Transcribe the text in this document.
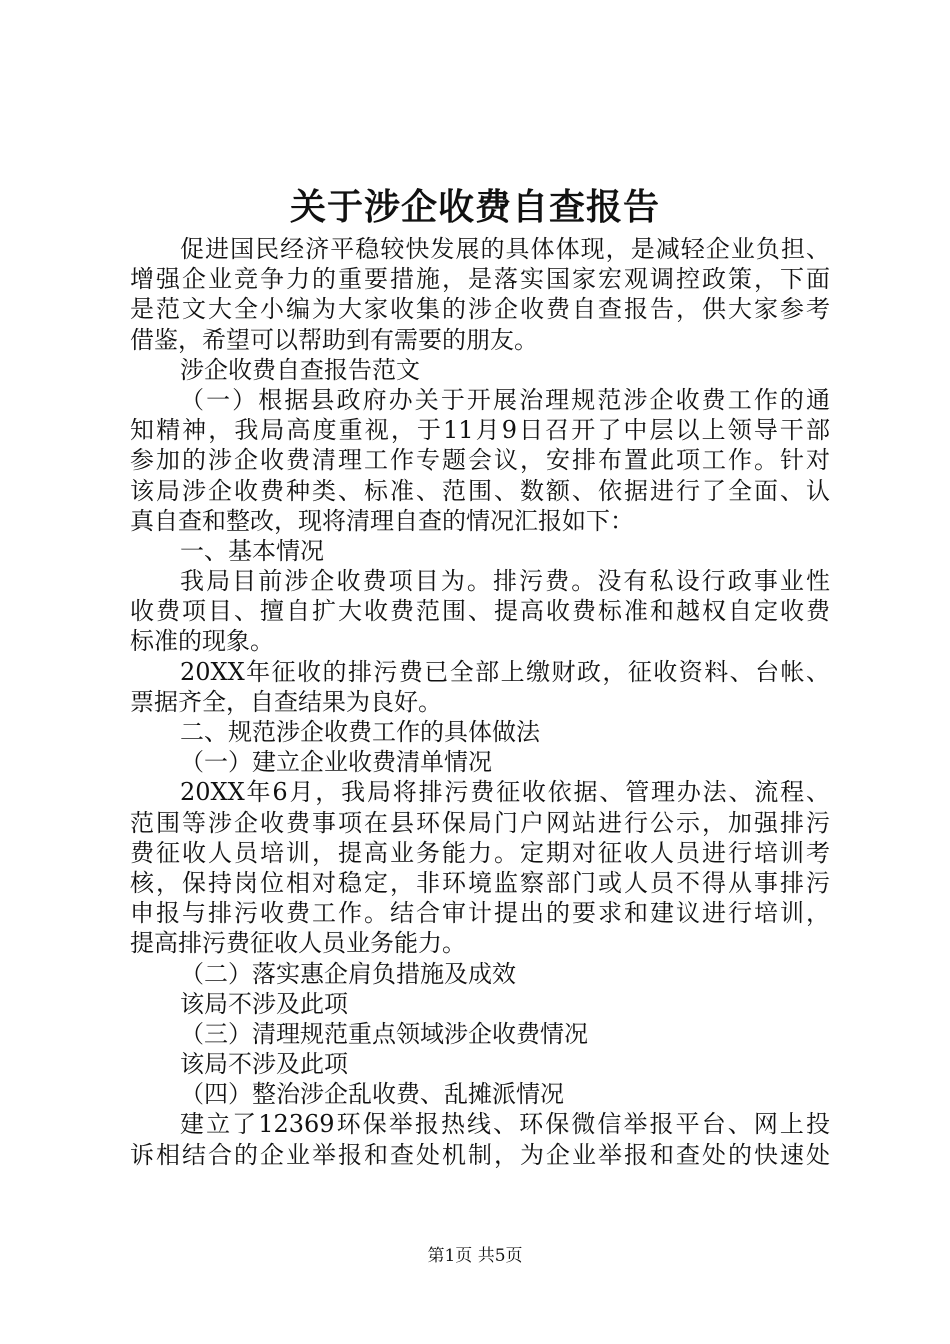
关于涉企收费自查报告
促进国民经济平稳较快发展的具体体现，是减轻企业负担、
增强企业竞争力的重要措施，是落实国家宏观调控政策，下面
是范文大全小编为大家收集的涉企收费自查报告，供大家参考
借鉴，希望可以帮助到有需要的朋友。
涉企收费自查报告范文
（一）根据县政府办关于开展治理规范涉企收费工作的通
知精神，我局高度重视，于11月9日召开了中层以上领导干部
参加的涉企收费清理工作专题会议，安排布置此项工作。针对
该局涉企收费种类、标准、范围、数额、依据进行了全面、认
真自查和整改，现将清理自查的情况汇报如下：
一、基本情况
我局目前涉企收费项目为。排污费。没有私设行政事业性
收费项目、擅自扩大收费范围、提高收费标准和越权自定收费
标准的现象。
20XX年征收的排污费已全部上缴财政，征收资料、台帐、
票据齐全，自查结果为良好。
二、规范涉企收费工作的具体做法
（一）建立企业收费清单情况
20XX年6月，我局将排污费征收依据、管理办法、流程、
范围等涉企收费事项在县环保局门户网站进行公示，加强排污
费征收人员培训，提高业务能力。定期对征收人员进行培训考
核，保持岗位相对稳定，非环境监察部门或人员不得从事排污
申报与排污收费工作。结合审计提出的要求和建议进行培训，
提高排污费征收人员业务能力。
（二）落实惠企肩负措施及成效
该局不涉及此项
（三）清理规范重点领域涉企收费情况
该局不涉及此项
（四）整治涉企乱收费、乱摊派情况
建立了12369环保举报热线、环保微信举报平台、网上投
诉相结合的企业举报和查处机制，为企业举报和查处的快速处
第1页 共5页
